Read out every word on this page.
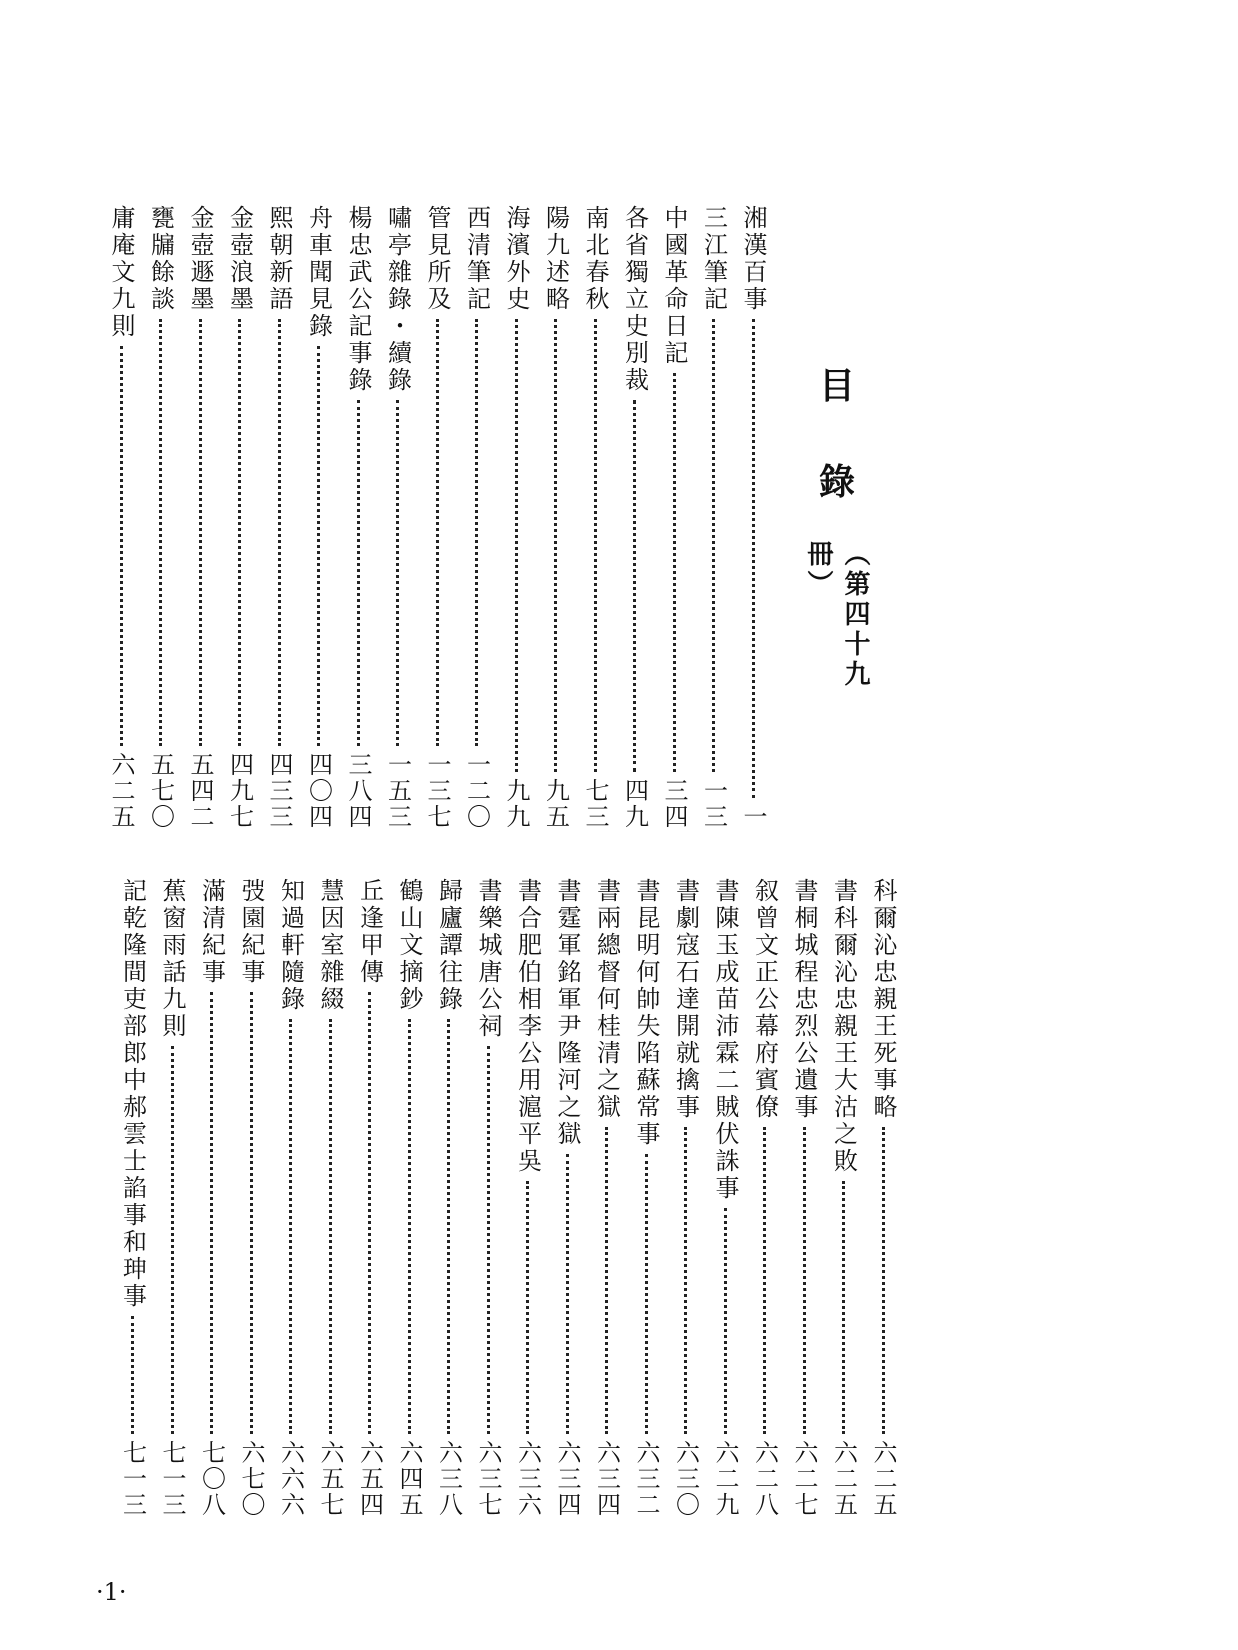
目
錄
（第四十九冊）
湘漢百事
一
三江筆記
一三
中國革命日記
三四
各省獨立史別裁
四九
南北春秋
七三
陽九述略
九五
海濱外史
九九
西清筆記
一二〇
管見所及
一三七
嘯亭雜錄・續錄
一五三
楊忠武公記事錄
三八四
舟車聞見錄
四〇四
熙朝新語
四三三
金壺浪墨
四九七
金壺遯墨
五四二
甕牖餘談
五七〇
庸庵文九則
六二五
科爾沁忠親王死事略
六二五
書科爾沁忠親王大沽之敗
六二五
書桐城程忠烈公遺事
六二七
叙曾文正公幕府賓僚
六二八
書陳玉成苗沛霖二賊伏誅事
六二九
書劇寇石達開就擒事
六三〇
書昆明何帥失陷蘇常事
六三二
書兩總督何桂清之獄
六三四
書霆軍銘軍尹隆河之獄
六三四
書合肥伯相李公用滬平吳
六三六
書樂城唐公祠
六三七
歸廬譚往錄
六三八
鶴山文摘鈔
六四五
丘逢甲傳
六五四
慧因室雜綴
六五七
知過軒隨錄
六六六
弢園紀事
六七〇
滿清紀事
七〇八
蕉窗雨話九則
七一三
記乾隆間吏部郎中郝雲士諂事和珅事
七一三
·1·
